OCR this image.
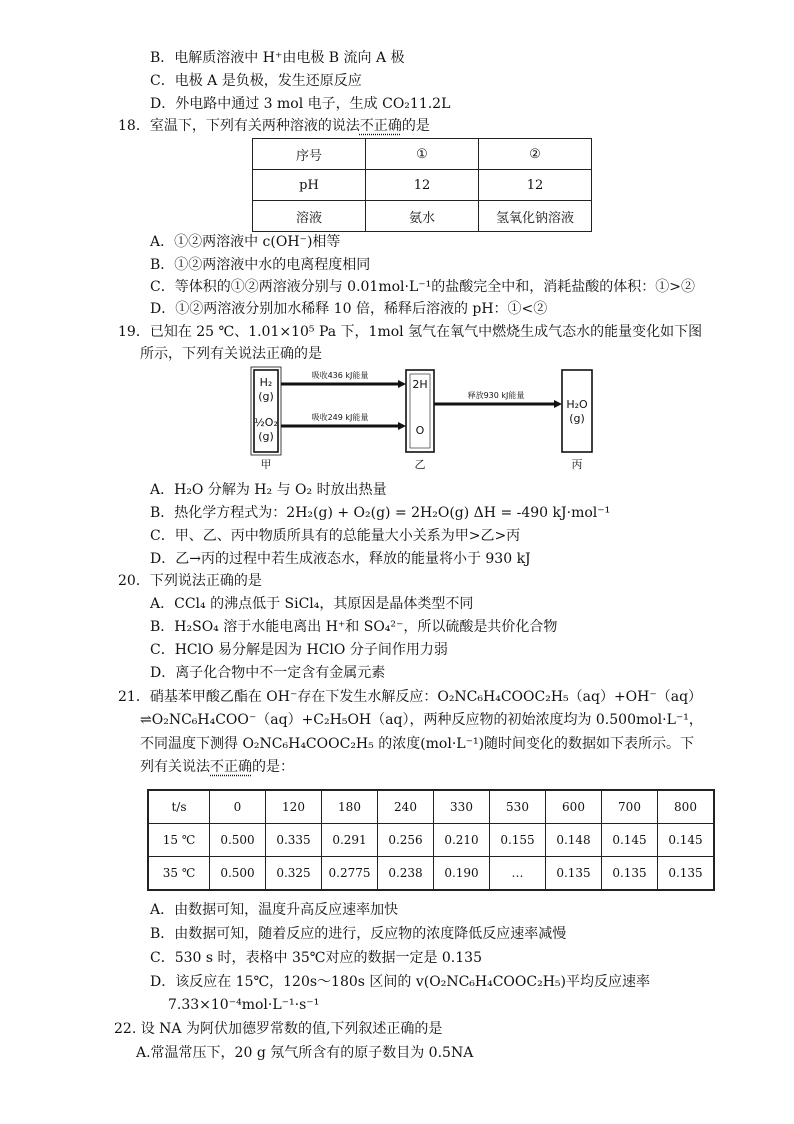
B．电解质溶液中 H⁺由电极 B 流向 A 极
C．电极 A 是负极，发生还原反应
D．外电路中通过 3 mol 电子，生成 CO₂11.2L
18．室温下，下列有关两种溶液的说法不正确的是
序号	①	②
pH	12	12
溶液	氨水	氢氧化钠溶液
A．①②两溶液中 c(OH⁻)相等
B．①②两溶液中水的电离程度相同
C．等体积的①②两溶液分别与 0.01mol·L⁻¹的盐酸完全中和，消耗盐酸的体积：①>②
D．①②两溶液分别加水稀释 10 倍，稀释后溶液的 pH：①<②
19．已知在 25 ℃、1.01×10⁵ Pa 下，1mol 氢气在氧气中燃烧生成气态水的能量变化如下图
所示，下列有关说法正确的是
H₂
(g)
½O₂
(g)
甲
吸收436 kJ能量
吸收249 kJ能量
2H
O
乙
释放930 kJ能量
H₂O
(g)
丙
A．H₂O 分解为 H₂ 与 O₂ 时放出热量
B．热化学方程式为：2H₂(g) + O₂(g) = 2H₂O(g) ΔH = -490 kJ·mol⁻¹
C．甲、乙、丙中物质所具有的总能量大小关系为甲>乙>丙
D．乙→丙的过程中若生成液态水，释放的能量将小于 930 kJ
20．下列说法正确的是
A．CCl₄ 的沸点低于 SiCl₄，其原因是晶体类型不同
B．H₂SO₄ 溶于水能电离出 H⁺和 SO₄²⁻，所以硫酸是共价化合物
C．HClO 易分解是因为 HClO 分子间作用力弱
D．离子化合物中不一定含有金属元素
21．硝基苯甲酸乙酯在 OH⁻存在下发生水解反应：O₂NC₆H₄COOC₂H₅（aq）+OH⁻（aq）
⇌O₂NC₆H₄COO⁻（aq）+C₂H₅OH（aq），两种反应物的初始浓度均为 0.500mol·L⁻¹，
不同温度下测得 O₂NC₆H₄COOC₂H₅ 的浓度(mol·L⁻¹)随时间变化的数据如下表所示。下
列有关说法不正确的是：
t/s	0	120	180	240	330	530	600	700	800
15 ℃	0.500	0.335	0.291	0.256	0.210	0.155	0.148	0.145	0.145
35 ℃	0.500	0.325	0.2775	0.238	0.190	…	0.135	0.135	0.135
A．由数据可知，温度升高反应速率加快
B．由数据可知，随着反应的进行，反应物的浓度降低反应速率减慢
C．530 s 时，表格中 35℃对应的数据一定是 0.135
D．该反应在 15℃，120s～180s 区间的 v(O₂NC₆H₄COOC₂H₅)平均反应速率
7.33×10⁻⁴mol·L⁻¹·s⁻¹
22. 设 NA 为阿伏加德罗常数的值,下列叙述正确的是
A.常温常压下，20 g 氖气所含有的原子数目为 0.5NA
